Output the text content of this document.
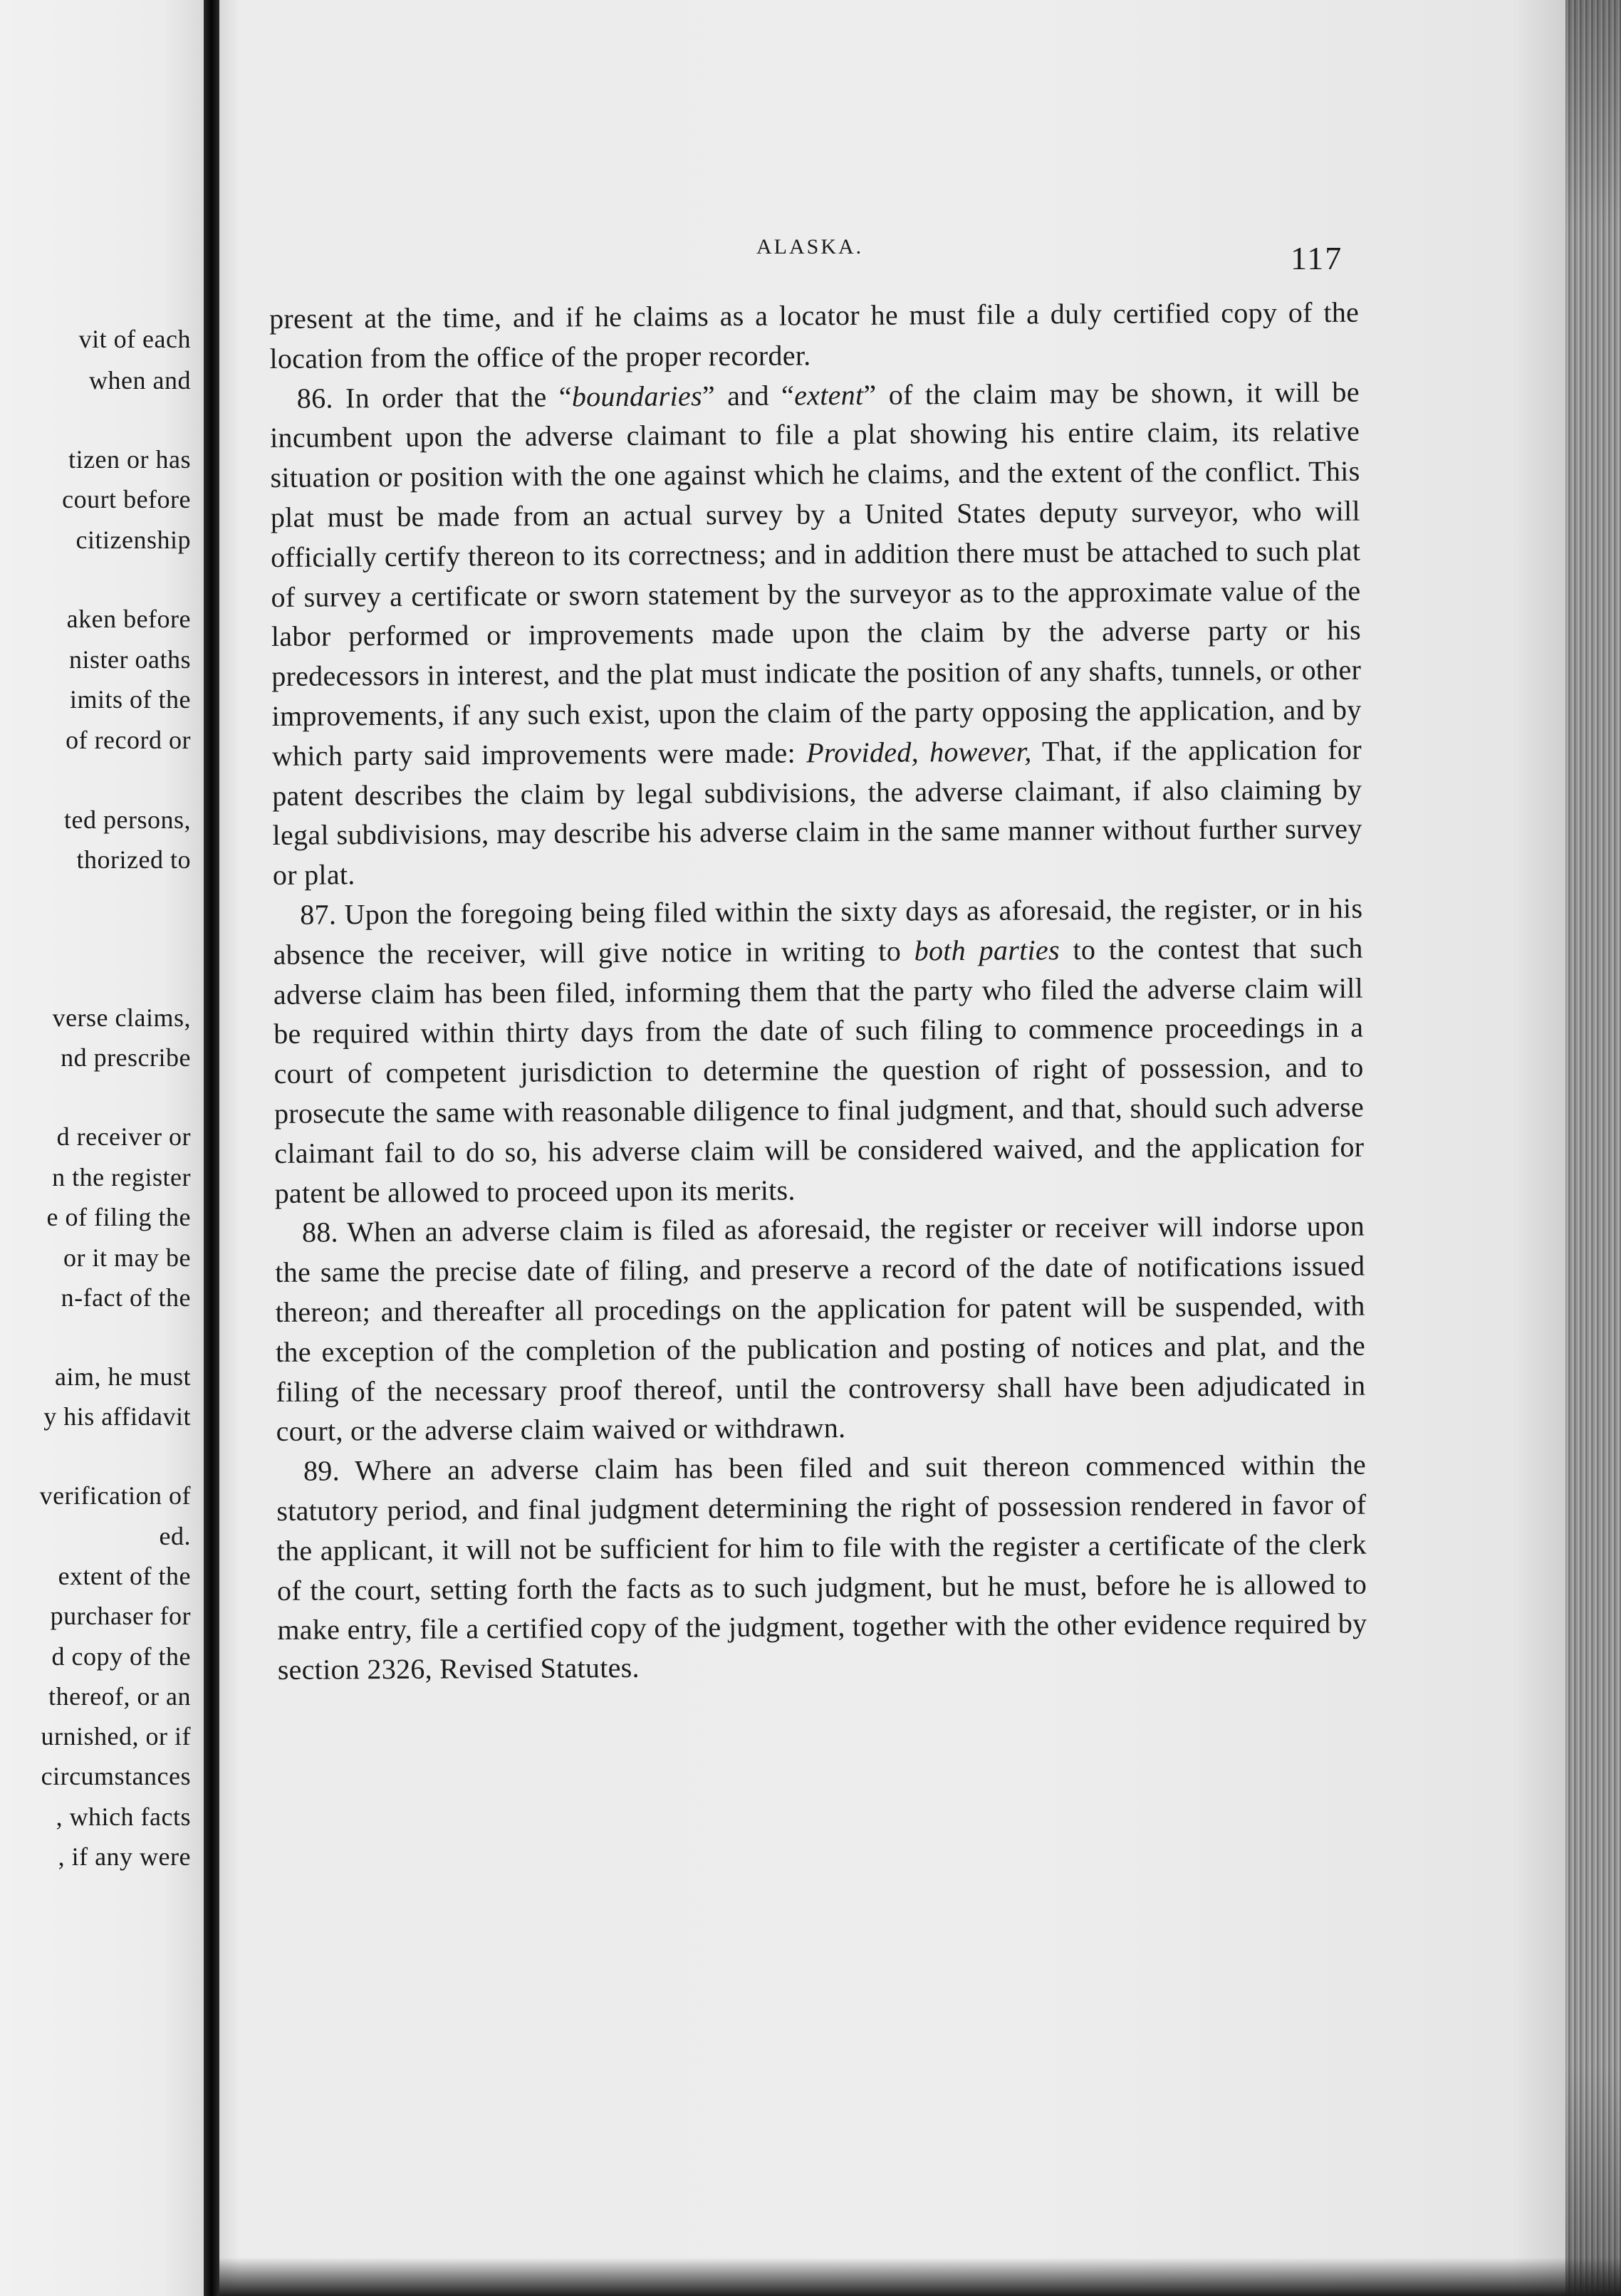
vit of each
when and
tizen or has
court before
citizenship
aken before
nister oaths
imits of the
of record or
ted persons,
thorized to
verse claims,
nd prescribe
d receiver or
n the register
e of filing the
or it may be
n-fact of the
aim, he must
y his affidavit
verification of
ed.
extent of the
purchaser for
d copy of the
thereof, or an
urnished, or if
circumstances
, which facts
, if any were
ALASKA.	117

present at the time, and if he claims as a locator he must file a duly certified copy of the location from the office of the proper recorder.

86. In order that the “boundaries” and “extent” of the claim may be shown, it will be incumbent upon the adverse claimant to file a plat showing his entire claim, its relative situation or position with the one against which he claims, and the extent of the conflict. This plat must be made from an actual survey by a United States deputy surveyor, who will officially certify thereon to its correctness; and in addition there must be attached to such plat of survey a certificate or sworn statement by the surveyor as to the approximate value of the labor performed or improvements made upon the claim by the adverse party or his predecessors in interest, and the plat must indicate the position of any shafts, tunnels, or other improvements, if any such exist, upon the claim of the party opposing the application, and by which party said improvements were made: Provided, however, That, if the application for patent describes the claim by legal subdivisions, the adverse claimant, if also claiming by legal subdivisions, may describe his adverse claim in the same manner without further survey or plat.

87. Upon the foregoing being filed within the sixty days as aforesaid, the register, or in his absence the receiver, will give notice in writing to both parties to the contest that such adverse claim has been filed, informing them that the party who filed the adverse claim will be required within thirty days from the date of such filing to commence proceedings in a court of competent jurisdiction to determine the question of right of possession, and to prosecute the same with reasonable diligence to final judgment, and that, should such adverse claimant fail to do so, his adverse claim will be considered waived, and the application for patent be allowed to proceed upon its merits.

88. When an adverse claim is filed as aforesaid, the register or receiver will indorse upon the same the precise date of filing, and preserve a record of the date of notifications issued thereon; and thereafter all procedings on the application for patent will be suspended, with the exception of the completion of the publication and posting of notices and plat, and the filing of the necessary proof thereof, until the controversy shall have been adjudicated in court, or the adverse claim waived or withdrawn.

89. Where an adverse claim has been filed and suit thereon commenced within the statutory period, and final judgment determining the right of possession rendered in favor of the applicant, it will not be sufficient for him to file with the register a certificate of the clerk of the court, setting forth the facts as to such judgment, but he must, before he is allowed to make entry, file a certified copy of the judgment, together with the other evidence required by section 2326, Revised Statutes.
